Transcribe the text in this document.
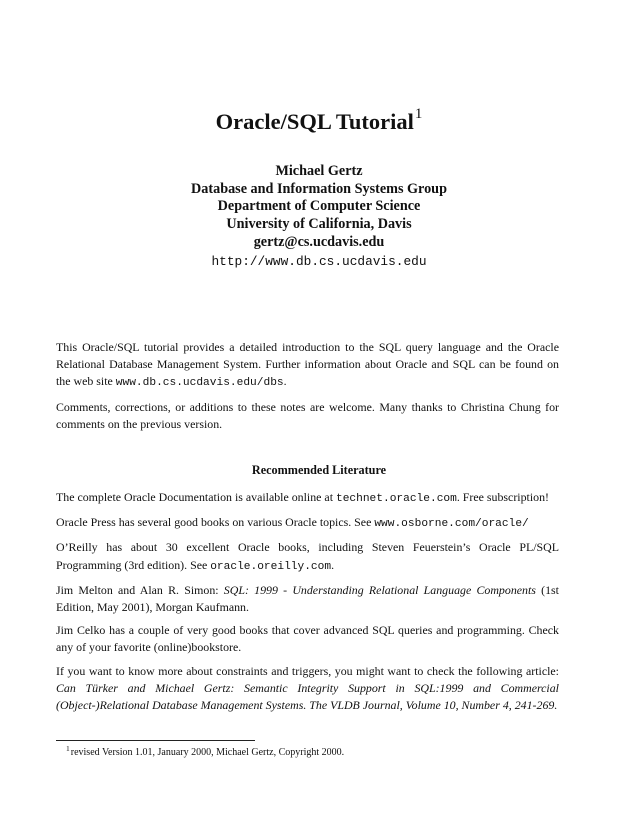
Oracle/SQL Tutorial$^1$
Michael Gertz
Database and Information Systems Group
Department of Computer Science
University of California, Davis
gertz@cs.ucdavis.edu
http://www.db.cs.ucdavis.edu

This Oracle/SQL tutorial provides a detailed introduction to the SQL query language and the Oracle Relational Database Management System. Further information about Oracle and SQL can be found on the web site www.db.cs.ucdavis.edu/dbs.

Comments, corrections, or additions to these notes are welcome. Many thanks to Christina Chung for comments on the previous version.

Recommended Literature

The complete Oracle Documentation is available online at technet.oracle.com. Free subscription!

Oracle Press has several good books on various Oracle topics. See www.osborne.com/oracle/

O’Reilly has about 30 excellent Oracle books, including Steven Feuerstein’s Oracle PL/SQL Programming (3rd edition). See oracle.oreilly.com.

Jim Melton and Alan R. Simon: SQL: 1999 - Understanding Relational Language Components (1st Edition, May 2001), Morgan Kaufmann.

Jim Celko has a couple of very good books that cover advanced SQL queries and programming. Check any of your favorite (online)bookstore.

If you want to know more about constraints and triggers, you might want to check the following article: Can Türker and Michael Gertz: Semantic Integrity Support in SQL:1999 and Commercial (Object-)Relational Database Management Systems. The VLDB Journal, Volume 10, Number 4, 241-269.

$^1$revised Version 1.01, January 2000, Michael Gertz, Copyright 2000.
